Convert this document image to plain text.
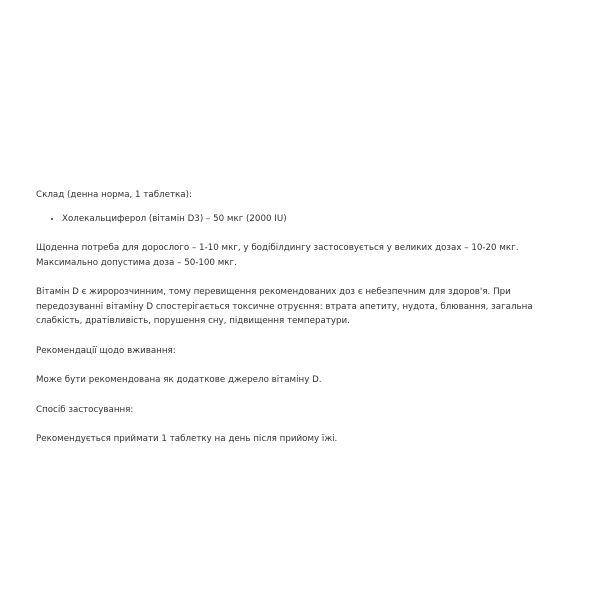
Склад (денна норма, 1 таблетка):

• Холекальциферол (вітамін D3) – 50 мкг (2000 IU)

Щоденна потреба для дорослого – 1-10 мкг, у бодібілдингу застосовується у великих дозах – 10-20 мкг. Максимально допустима доза – 50-100 мкг.

Вітамін D є жиророзчинним, тому перевищення рекомендованих доз є небезпечним для здоров'я. При передозуванні вітаміну D спостерігається токсичне отруєння: втрата апетиту, нудота, блювання, загальна слабкість, дратівливість, порушення сну, підвищення температури.

Рекомендації щодо вживання:

Може бути рекомендована як додаткове джерело вітаміну D.

Спосіб застосування:

Рекомендується приймати 1 таблетку на день після прийому їжі.
